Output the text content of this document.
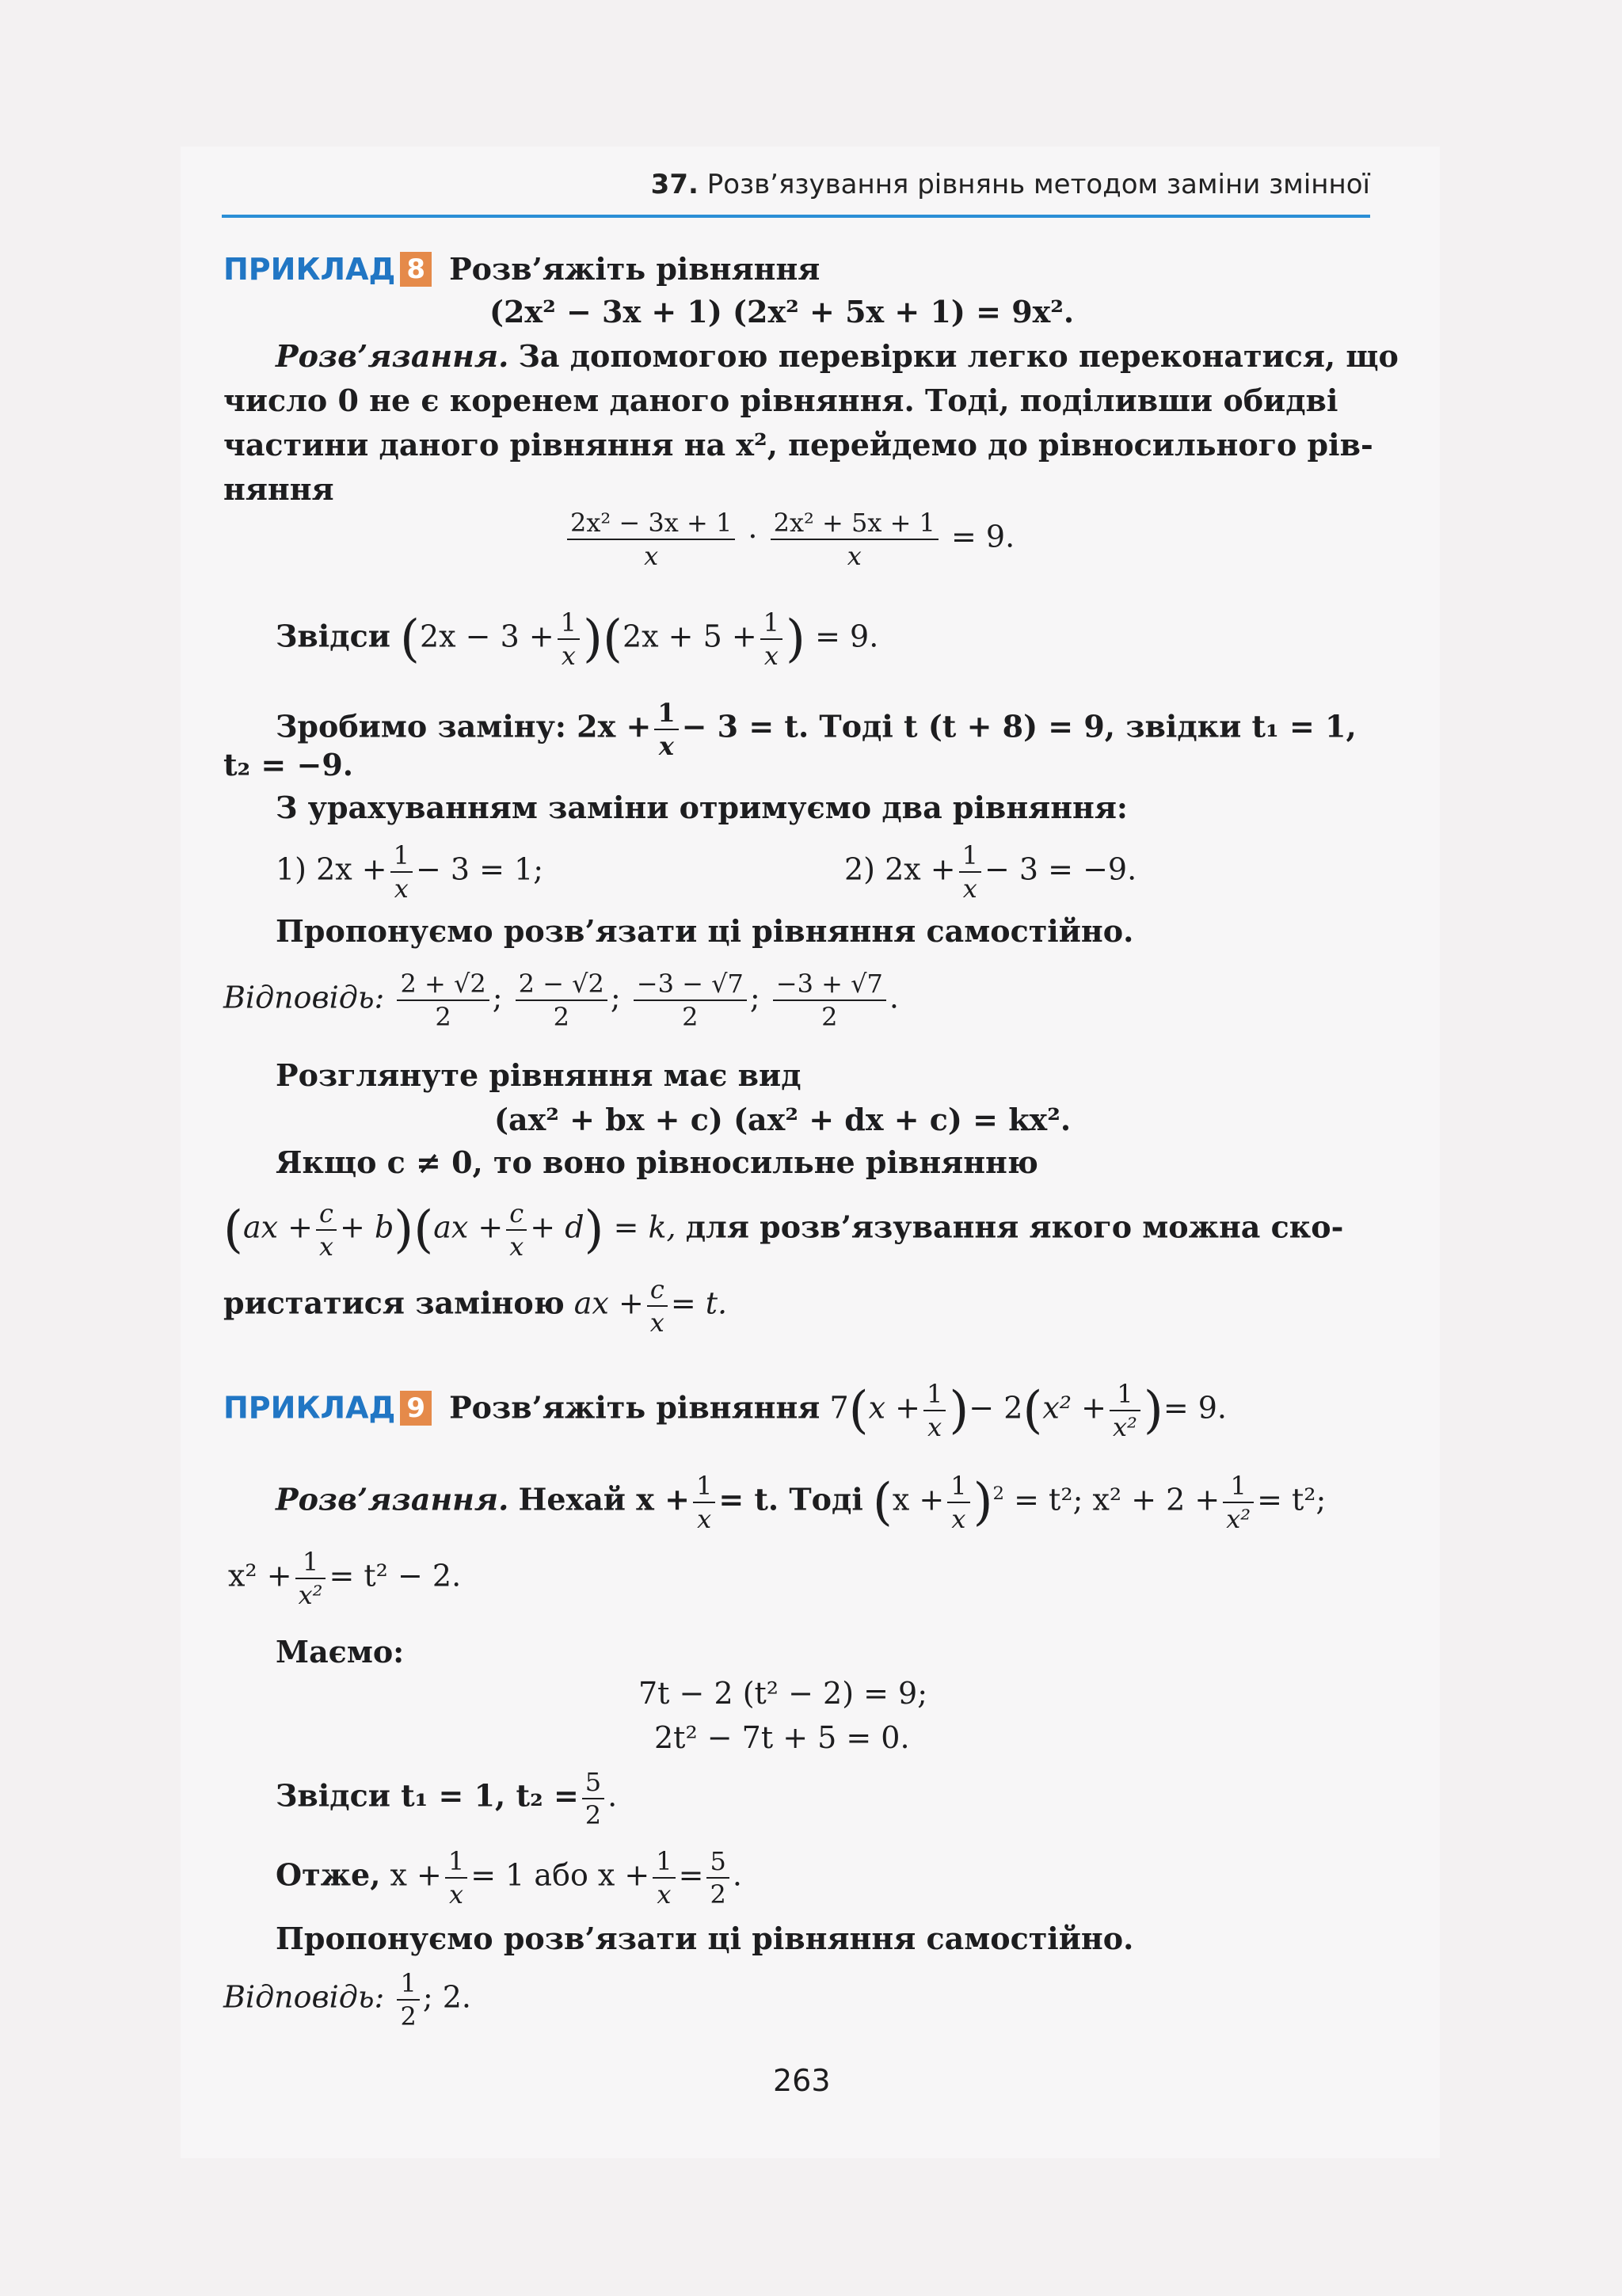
37. Розв’язування рівнянь методом заміни змінної
ПРИКЛАД 8 Розв’яжіть рівняння
(2x² − 3x + 1) (2x² + 5x + 1) = 9x².
Розв’язання. За допомогою перевірки легко переконатися, що
число 0 не є коренем даного рівняння. Тоді, поділивши обидві
частини даного рівняння на x², перейдемо до рівносильного рів-
няння
$\frac{\text{2x² − 3x + 1}}{x} \cdot \frac{\text{2x² + 5x + 1}}{x} = 9$.
Звідси $(2x - 3 + \frac{1}{x} )(2x + 5 + \frac{1}{x}$ ) = 9.
Зробимо заміну: $2x + \frac{1}{x} - 3 = t$. Тоді t (t + 8) = 9, звідки t₁ = 1,
t₂ = −9.
З урахуванням заміни отримуємо два рівняння:
1) $2x + \frac{1}{x} - 3 = 1$;	2) $2x + \frac{1}{x} - 3 = -9$.
Пропонуємо розв’язати ці рівняння самостійно.
Відповідь: $\frac{2 + √2}{2}$ ; $\frac{2 - √2}{2}$ ; $\frac{-3 - √7}{2}$ ; $\frac{-3 + √7}{2}$ .
Розглянуте рівняння має вид
(ax² + bx + c) (ax² + dx + c) = kx².
Якщо c ≠ 0, то воно рівносильне рівнянню
$(ax + \frac{c}{x} + b)(ax + \frac{c}{x} + d) = k$, для розв’язування якого можна ско-
ристатися заміною ax + $\frac{c}{x} = t$.
ПРИКЛАД 9 Розв’яжіть рівняння $7(x + \frac{1}{x}$ )− $2(x^2 + \frac{1}{\text{x²}}$ )= 9.
Розв’язання. Нехай $x + \frac{1}{x} = t$. Тоді $(x + \frac{1}{x} )^2 = t^2$; $x^2 + 2 + \frac{1}{\text{x²}} = t^2$;
$x^2 + \frac{1}{\text{x²}} = t^2 - 2$.
Маємо:
7t − 2 (t² − 2) = 9;
2t² − 7t + 5 = 0.
Звідси t₁ = 1, $t_2 = \frac{5}{2}$ .
Отже, $x + \frac{1}{x} = 1$ або $x + \frac{1}{x} = \frac{5}{2}$ .
Пропонуємо розв’язати ці рівняння самостійно.
Відповідь: $\frac{1}{2}$ ; 2.
263
